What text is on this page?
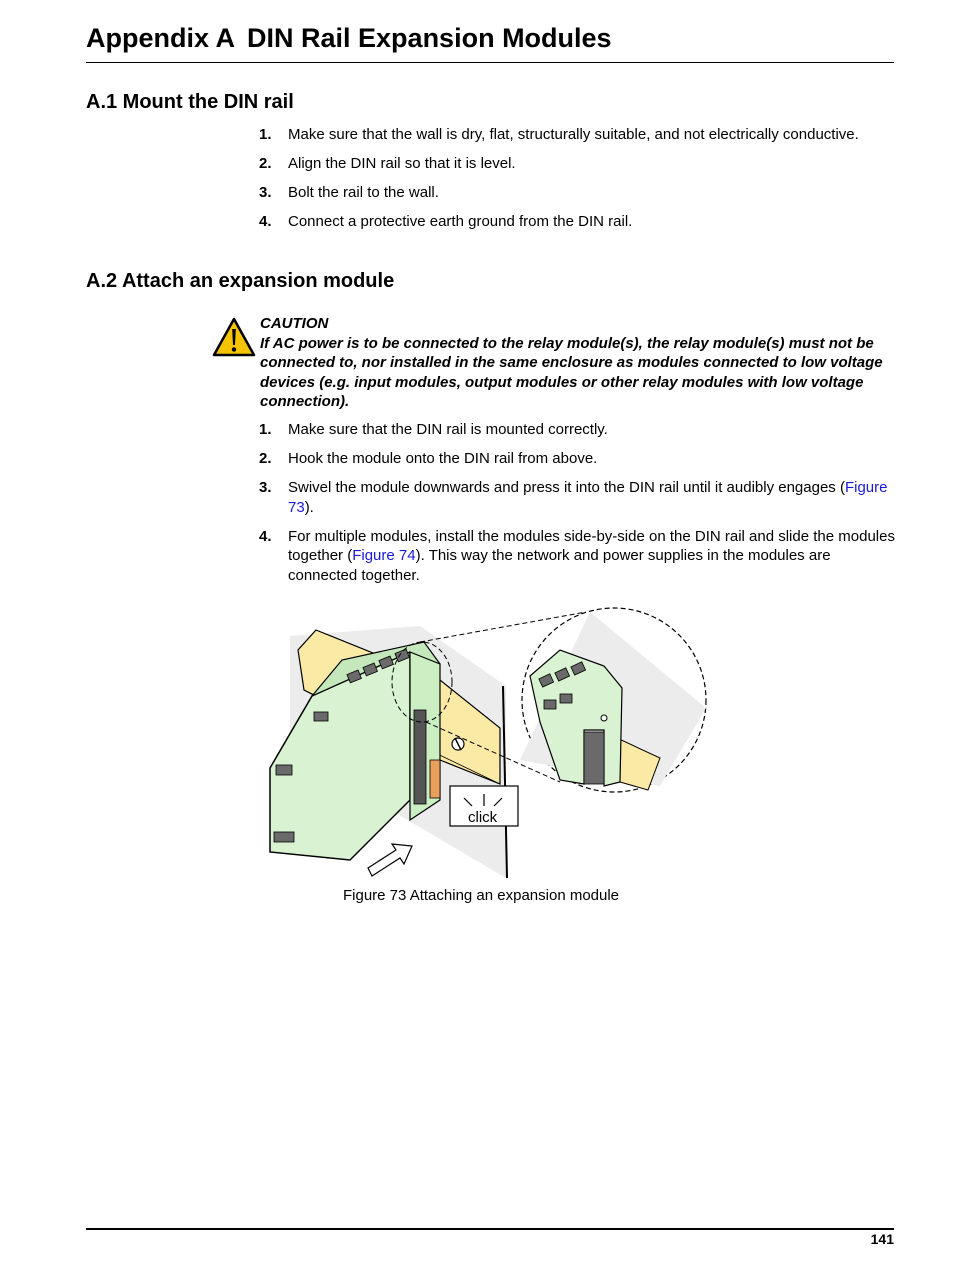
Appendix A DIN Rail Expansion Modules
A.1 Mount the DIN rail
1. Make sure that the wall is dry, flat, structurally suitable, and not electrically conductive.
2. Align the DIN rail so that it is level.
3. Bolt the rail to the wall.
4. Connect a protective earth ground from the DIN rail.
A.2 Attach an expansion module
CAUTION
If AC power is to be connected to the relay module(s), the relay module(s) must not be connected to, nor installed in the same enclosure as modules connected to low voltage devices (e.g. input modules, output modules or other relay modules with low voltage connection).
1. Make sure that the DIN rail is mounted correctly.
2. Hook the module onto the DIN rail from above.
3. Swivel the module downwards and press it into the DIN rail until it audibly engages (Figure 73).
4. For multiple modules, install the modules side-by-side on the DIN rail and slide the modules together (Figure 74). This way the network and power supplies in the modules are connected together.
click
Figure 73 Attaching an expansion module
141
